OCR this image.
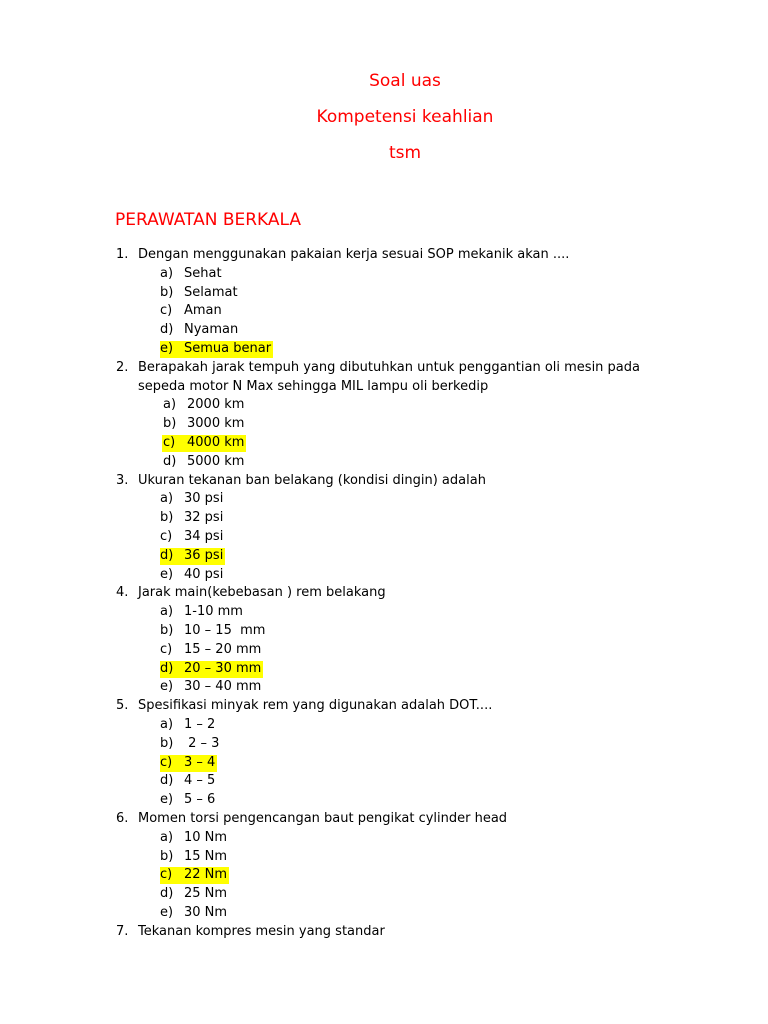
Soal uas
Kompetensi keahlian
tsm
PERAWATAN BERKALA
1. Dengan menggunakan pakaian kerja sesuai SOP mekanik akan ....
a) Sehat
b) Selamat
c) Aman
d) Nyaman
e) Semua benar
2. Berapakah jarak tempuh yang dibutuhkan untuk penggantian oli mesin pada sepeda motor N Max sehingga MIL lampu oli berkedip
a) 2000 km
b) 3000 km
c) 4000 km
d) 5000 km
3. Ukuran tekanan ban belakang (kondisi dingin) adalah
a) 30 psi
b) 32 psi
c) 34 psi
d) 36 psi
e) 40 psi
4. Jarak main(kebebasan ) rem belakang
a) 1-10 mm
b) 10 – 15  mm
c) 15 – 20 mm
d) 20 – 30 mm
e) 30 – 40 mm
5. Spesifikasi minyak rem yang digunakan adalah DOT....
a) 1 – 2
b) 2 – 3
c) 3 – 4
d) 4 – 5
e) 5 – 6
6. Momen torsi pengencangan baut pengikat cylinder head
a) 10 Nm
b) 15 Nm
c) 22 Nm
d) 25 Nm
e) 30 Nm
7. Tekanan kompres mesin yang standar
